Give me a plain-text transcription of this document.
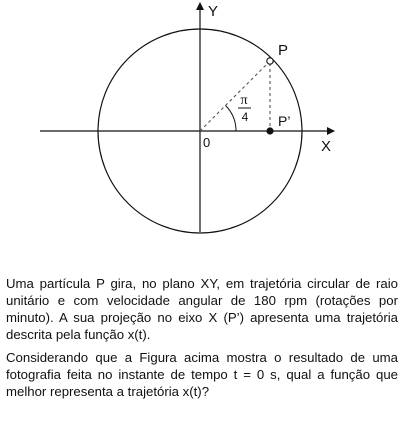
Y
X
0
P
P’
π
4

Uma partícula P gira, no plano XY, em trajetória circular de raio unitário e com velocidade angular de 180 rpm (rotações por minuto). A sua projeção no eixo X (P’) apresenta uma trajetória descrita pela função x(t).

Considerando que a Figura acima mostra o resultado de uma fotografia feita no instante de tempo t = 0 s, qual a função que melhor representa a trajetória x(t)?
